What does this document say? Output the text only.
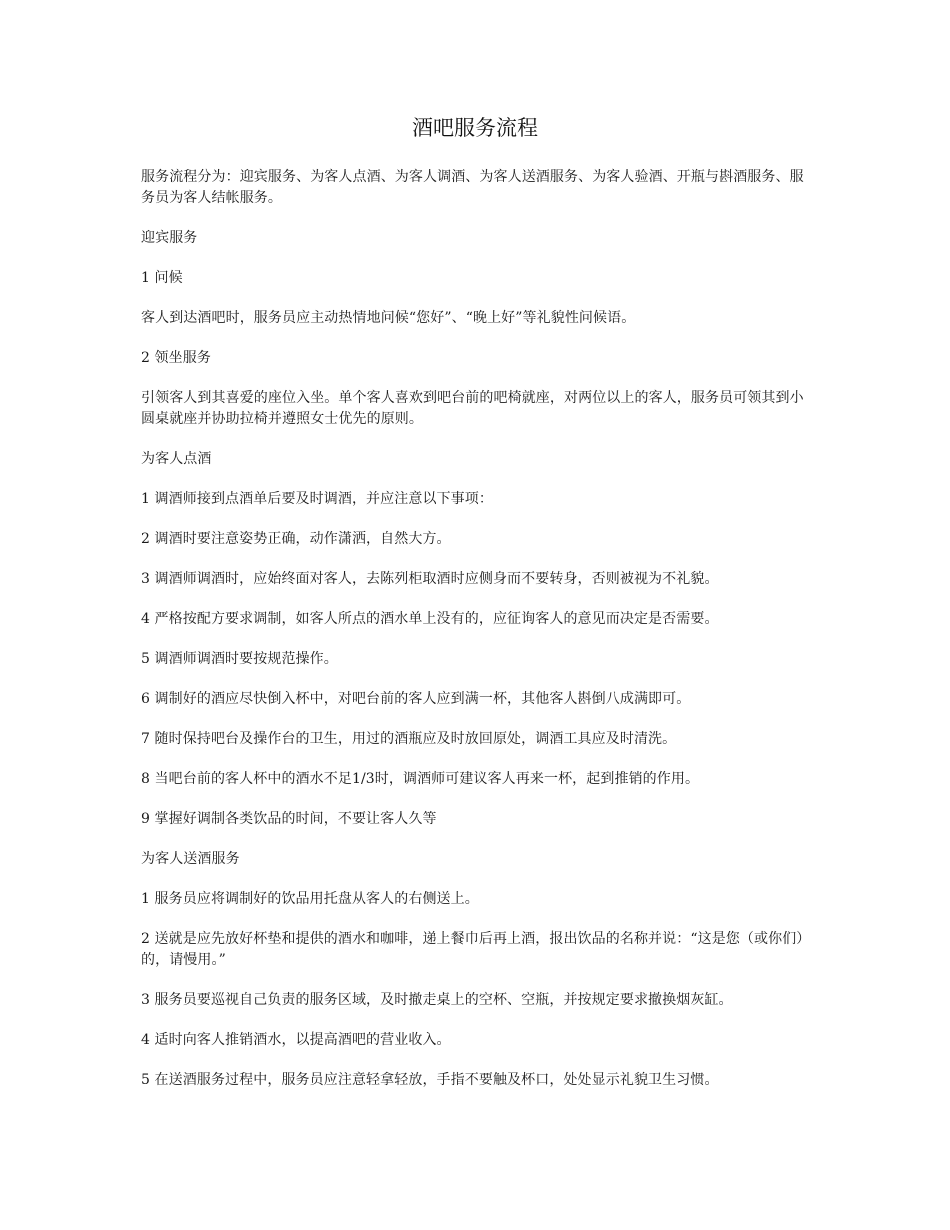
酒吧服务流程

服务流程分为：迎宾服务、为客人点酒、为客人调酒、为客人送酒服务、为客人验酒、开瓶与斟酒服务、服务员为客人结帐服务。

迎宾服务

1 问候

客人到达酒吧时，服务员应主动热情地问候“您好”、“晚上好”等礼貌性问候语。

2 领坐服务

引领客人到其喜爱的座位入坐。单个客人喜欢到吧台前的吧椅就座，对两位以上的客人，服务员可领其到小圆桌就座并协助拉椅并遵照女士优先的原则。

为客人点酒

1 调酒师接到点酒单后要及时调酒，并应注意以下事项：

2 调酒时要注意姿势正确，动作潇洒，自然大方。

3 调酒师调酒时，应始终面对客人，去陈列柜取酒时应侧身而不要转身，否则被视为不礼貌。

4 严格按配方要求调制，如客人所点的酒水单上没有的，应征询客人的意见而决定是否需要。

5 调酒师调酒时要按规范操作。

6 调制好的酒应尽快倒入杯中，对吧台前的客人应到满一杯，其他客人斟倒八成满即可。

7 随时保持吧台及操作台的卫生，用过的酒瓶应及时放回原处，调酒工具应及时清洗。

8 当吧台前的客人杯中的酒水不足1/3时，调酒师可建议客人再来一杯，起到推销的作用。

9 掌握好调制各类饮品的时间，不要让客人久等

为客人送酒服务

1 服务员应将调制好的饮品用托盘从客人的右侧送上。

2 送就是应先放好杯垫和提供的酒水和咖啡，递上餐巾后再上酒，报出饮品的名称并说：“这是您（或你们）的，请慢用。”

3 服务员要巡视自己负责的服务区域，及时撤走桌上的空杯、空瓶，并按规定要求撤换烟灰缸。

4 适时向客人推销酒水，以提高酒吧的营业收入。

5 在送酒服务过程中，服务员应注意轻拿轻放，手指不要触及杯口，处处显示礼貌卫生习惯。
